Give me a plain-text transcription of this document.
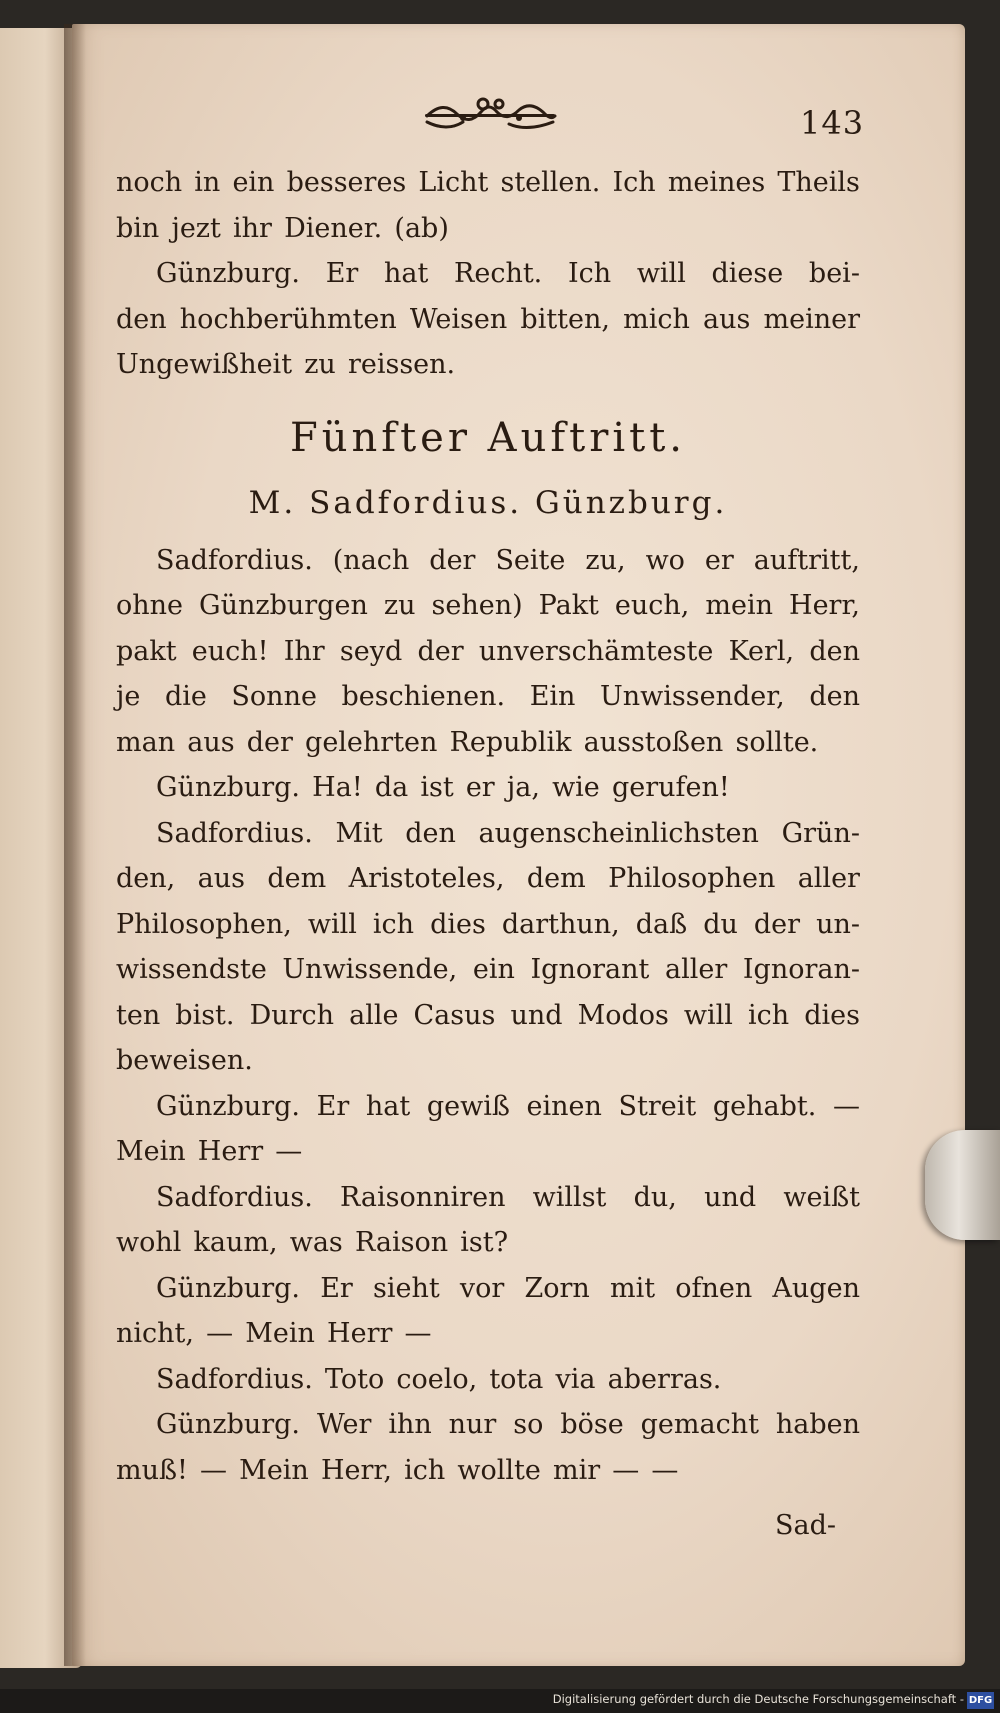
143
noch in ein besseres Licht stellen. Ich meines Theils
bin jezt ihr Diener. (ab)
Günzburg. Er hat Recht. Ich will diese bei-
den hochberühmten Weisen bitten, mich aus meiner
Ungewißheit zu reissen.
Fünfter Auftritt.
M. Sadfordius. Günzburg.
Sadfordius. (nach der Seite zu, wo er auftritt,
ohne Günzburgen zu sehen) Pakt euch, mein Herr,
pakt euch! Ihr seyd der unverschämteste Kerl, den
je die Sonne beschienen. Ein Unwissender, den
man aus der gelehrten Republik ausstoßen sollte.
Günzburg. Ha! da ist er ja, wie gerufen!
Sadfordius. Mit den augenscheinlichsten Grün-
den, aus dem Aristoteles, dem Philosophen aller
Philosophen, will ich dies darthun, daß du der un-
wissendste Unwissende, ein Ignorant aller Ignoran-
ten bist. Durch alle Casus und Modos will ich dies
beweisen.
Günzburg. Er hat gewiß einen Streit gehabt. —
Mein Herr —
Sadfordius. Raisonniren willst du, und weißt
wohl kaum, was Raison ist?
Günzburg. Er sieht vor Zorn mit ofnen Augen
nicht, — Mein Herr —
Sadfordius. Toto coelo, tota via aberras.
Günzburg. Wer ihn nur so böse gemacht haben
muß! — Mein Herr, ich wollte mir — —
Sad-
Digitalisierung gefördert durch die Deutsche Forschungsgemeinschaft - DFG
